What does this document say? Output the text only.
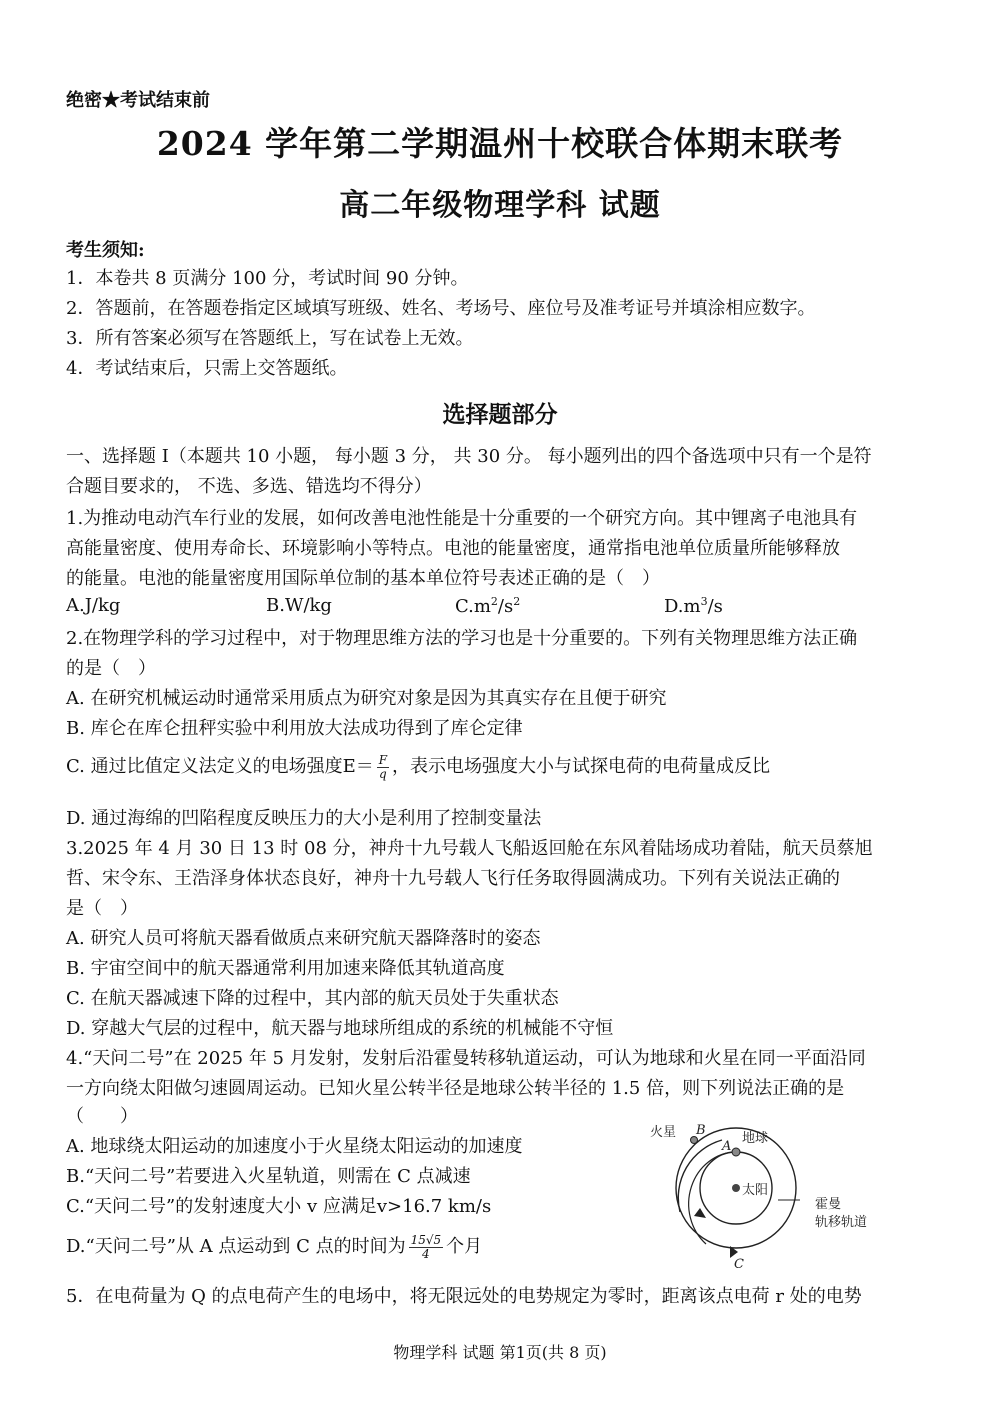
绝密★考试结束前
2024 学年第二学期温州十校联合体期末联考
高二年级物理学科 试题
考生须知:
1．本卷共 8 页满分 100 分，考试时间 90 分钟。
2．答题前，在答题卷指定区域填写班级、姓名、考场号、座位号及准考证号并填涂相应数字。
3．所有答案必须写在答题纸上，写在试卷上无效。
4．考试结束后，只需上交答题纸。
选择题部分
一、选择题 I（本题共 10 小题， 每小题 3 分， 共 30 分。 每小题列出的四个备选项中只有一个是符
合题目要求的， 不选、多选、错选均不得分）
1.为推动电动汽车行业的发展，如何改善电池性能是十分重要的一个研究方向。其中锂离子电池具有
高能量密度、使用寿命长、环境影响小等特点。电池的能量密度，通常指电池单位质量所能够释放
的能量。电池的能量密度用国际单位制的基本单位符号表述正确的是（　）
A.J/kg	B.W/kg	$C.m^2/s^2$	$D.m^3/s$
2.在物理学科的学习过程中，对于物理思维方法的学习也是十分重要的。下列有关物理思维方法正确
的是（　）
A. 在研究机械运动时通常采用质点为研究对象是因为其真实存在且便于研究
B. 库仑在库仑扭秤实验中利用放大法成功得到了库仑定律
C. 通过比值定义法定义的电场强度$E= \frac{F}{q}$ ，表示电场强度大小与试探电荷的电荷量成反比
D. 通过海绵的凹陷程度反映压力的大小是利用了控制变量法
3.2025 年 4 月 30 日 13 时 08 分，神舟十九号载人飞船返回舱在东风着陆场成功着陆，航天员蔡旭
哲、宋令东、王浩泽身体状态良好，神舟十九号载人飞行任务取得圆满成功。下列有关说法正确的
是（　）
A. 研究人员可将航天器看做质点来研究航天器降落时的姿态
B. 宇宙空间中的航天器通常利用加速来降低其轨道高度
C. 在航天器减速下降的过程中，其内部的航天员处于失重状态
D. 穿越大气层的过程中，航天器与地球所组成的系统的机械能不守恒
4.“天问二号”在 2025 年 5 月发射，发射后沿霍曼转移轨道运动，可认为地球和火星在同一平面沿同
一方向绕太阳做匀速圆周运动。已知火星公转半径是地球公转半径的 1.5 倍，则下列说法正确的是
（　　）
A. 地球绕太阳运动的加速度小于火星绕太阳运动的加速度
B.“天问二号”若要进入火星轨道，则需在 C 点减速
C.“天问二号”的发射速度大小 v 应满足v>16.7 km/s
D.“天问二号”从 A 点运动到 C 点的时间为 $\frac{15√5}{4}$ 个月
火星	地球
太阳
霍曼
轨移轨道
A
B
C
5．在电荷量为 Q 的点电荷产生的电场中，将无限远处的电势规定为零时，距离该点电荷 r 处的电势
物理学科 试题 第1页(共 8 页)
